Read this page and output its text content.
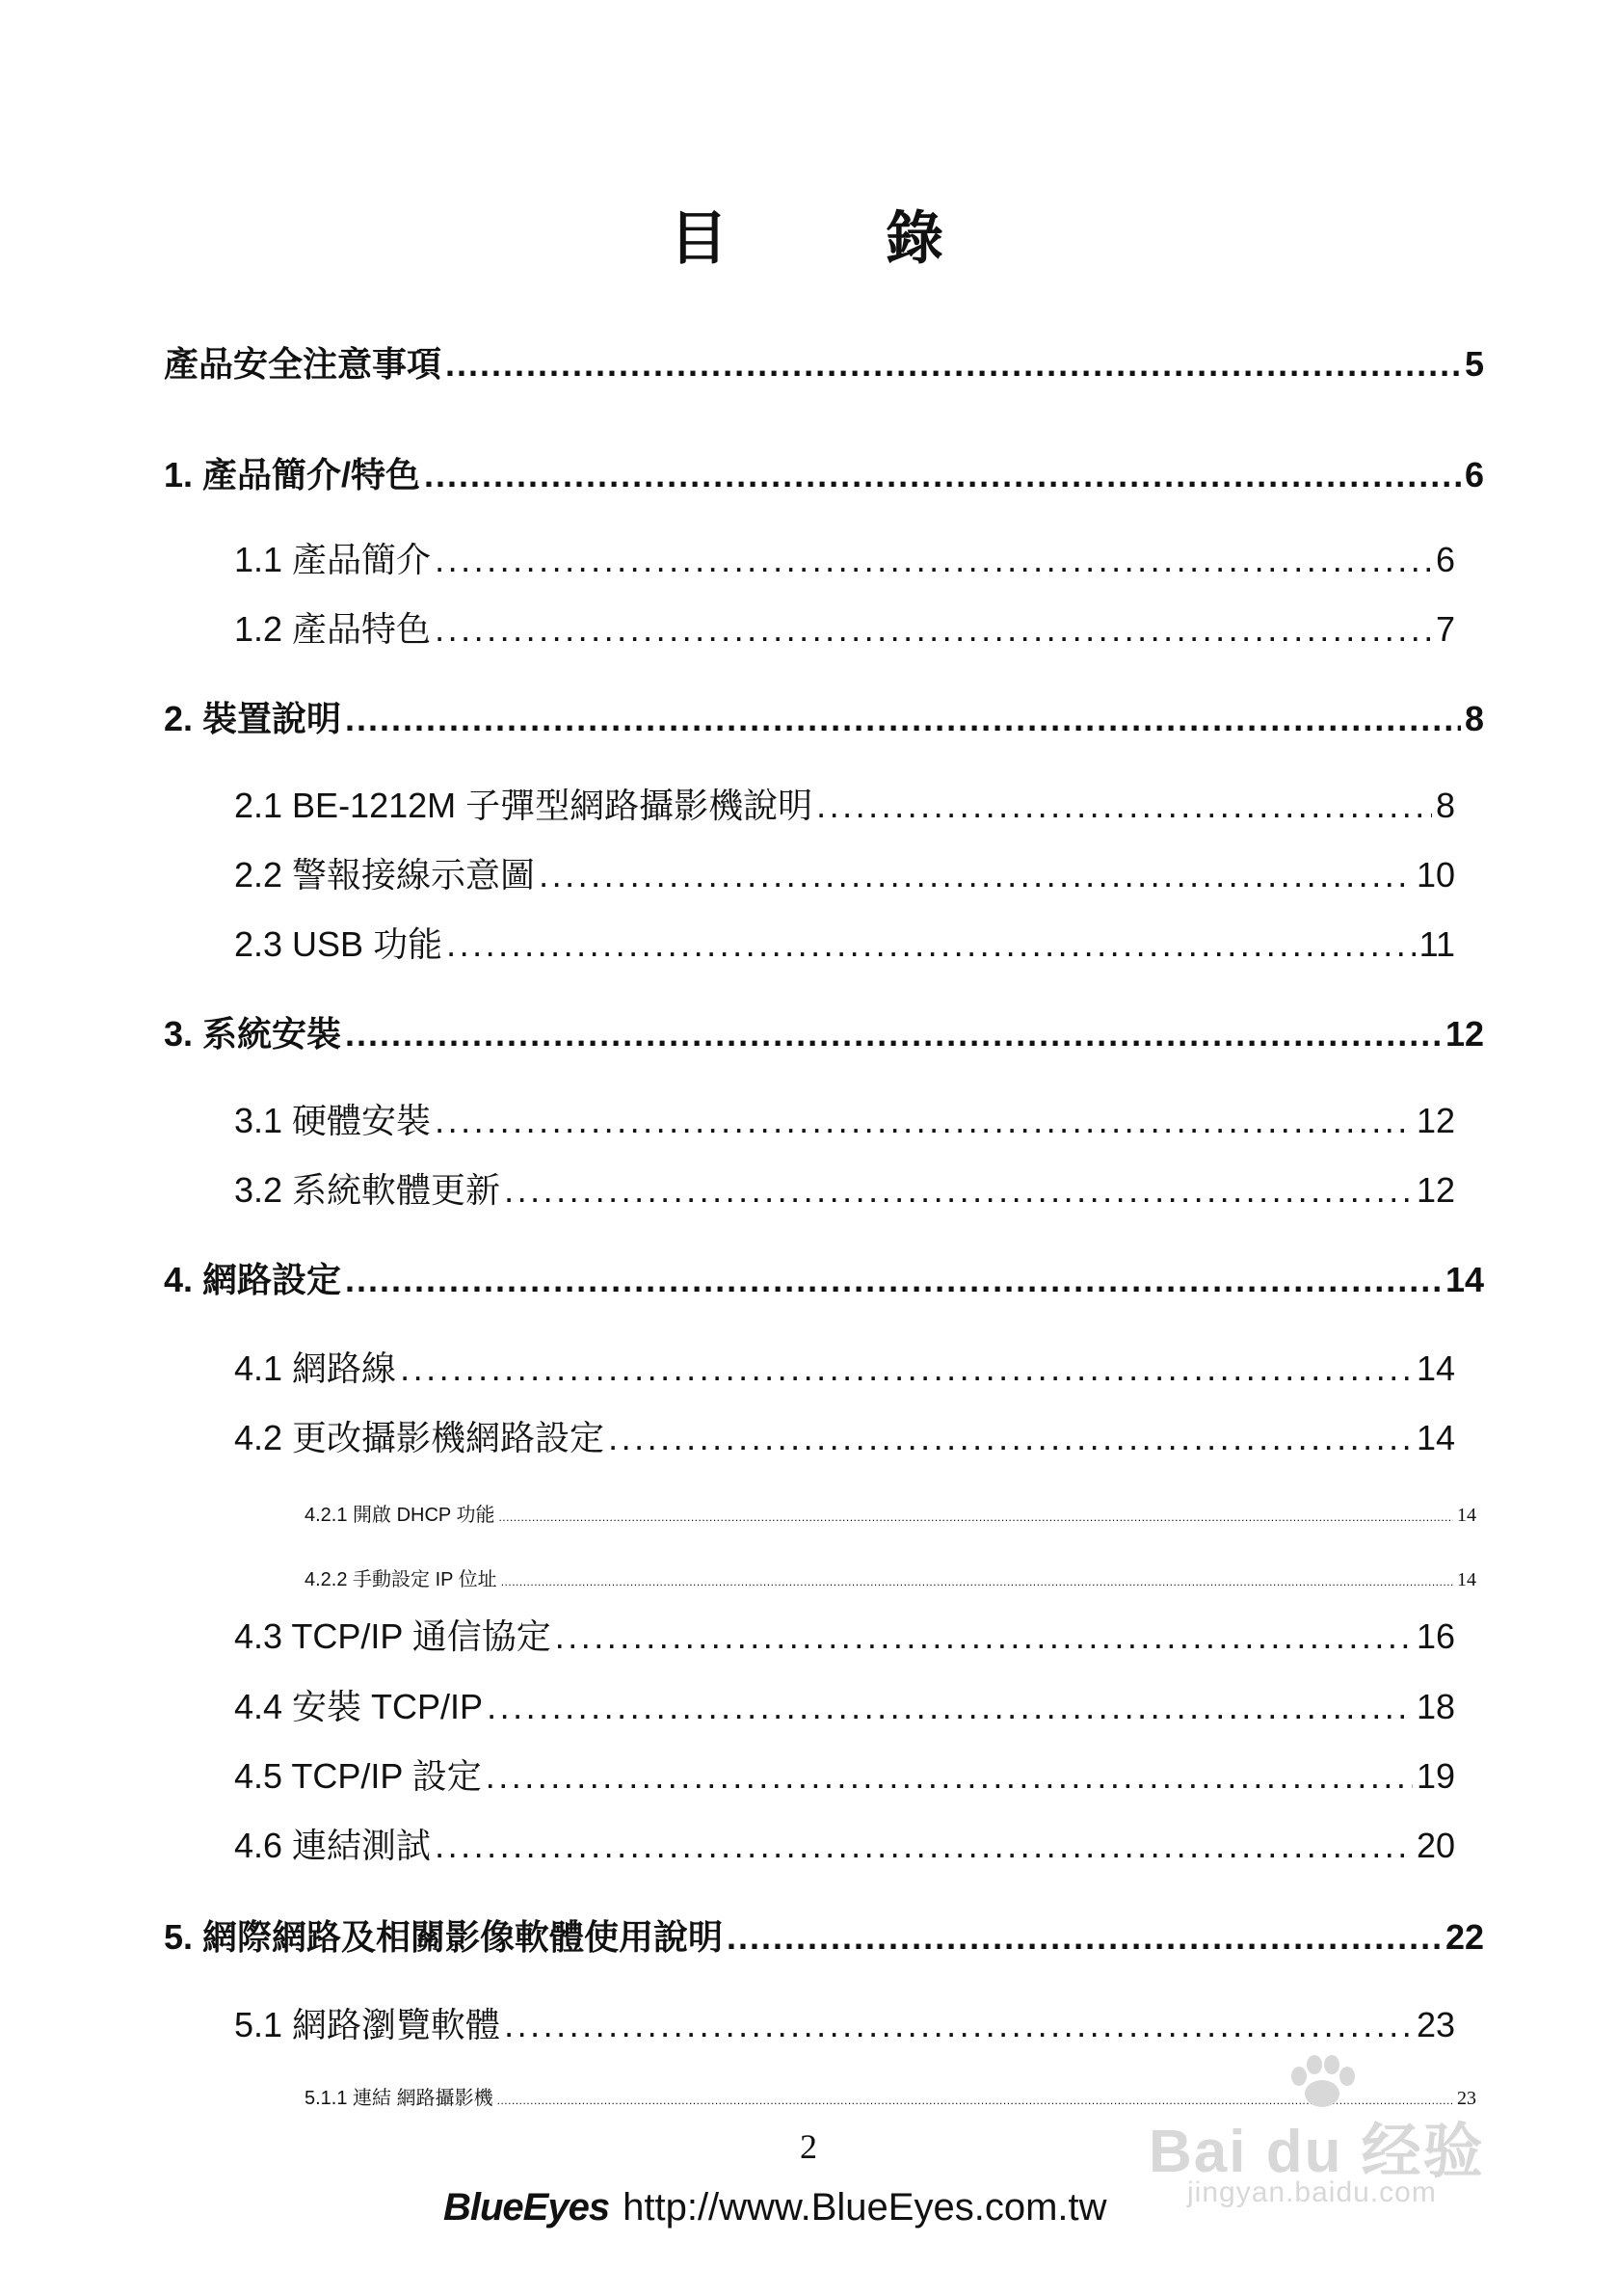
目	錄
產品安全注意事項 .....	5
1. 產品簡介/特色 .....	6
1.1 產品簡介 .....	6
1.2 產品特色 .....	7
2. 裝置說明 .....	8
2.1 BE-1212M 子彈型網路攝影機說明 .....	8
2.2 警報接線示意圖 .....	10
2.3 USB 功能 .....	11
3. 系統安裝 .....	12
3.1 硬體安裝 .....	12
3.2 系統軟體更新 .....	12
4. 網路設定 .....	14
4.1 網路線 .....	14
4.2 更改攝影機網路設定 .....	14
4.2.1 開啟 DHCP 功能 .....	14
4.2.2 手動設定 IP 位址 .....	14
4.3 TCP/IP 通信協定 .....	16
4.4 安裝 TCP/IP .....	18
4.5 TCP/IP 設定 .....	19
4.6 連結測試 .....	20
5. 網際網路及相關影像軟體使用說明 .....	22
5.1 網路瀏覽軟體 .....	23
5.1.1 連結 網路攝影機 .....	23
2
BlueEyes http://www.BlueEyes.com.tw
Bai du 经验
jingyan.baidu.com
